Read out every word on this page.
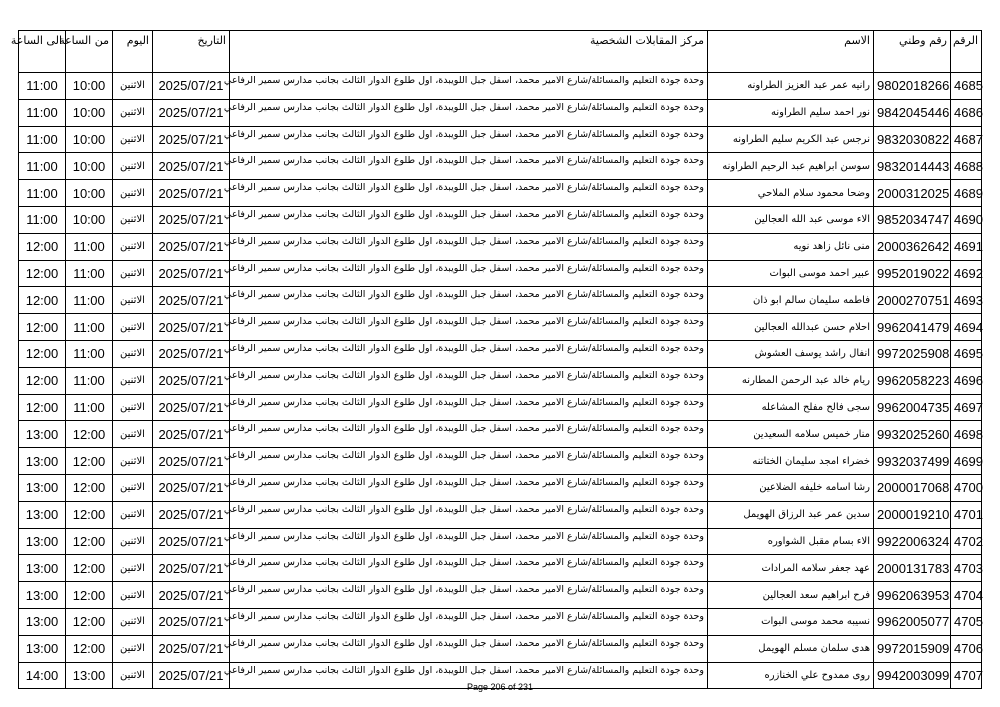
الرقم	رقم وطني	الاسم	مركز المقابلات الشخصية	التاريخ	اليوم	من الساعة	الى الساعة
4685	9802018266	رانيه عمر عبد العزيز الطراونه	وحدة جودة التعليم والمسائلة/شارع الامير محمد، اسفل جبل اللويبدة، اول طلوع الدوار الثالث بجانب مدارس سمير الرفاعي	2025/07/21	الاثنين	10:00	11:00
4686	9842045446	نور احمد سليم الطراونه	وحدة جودة التعليم والمسائلة/شارع الامير محمد، اسفل جبل اللويبدة، اول طلوع الدوار الثالث بجانب مدارس سمير الرفاعي	2025/07/21	الاثنين	10:00	11:00
4687	9832030822	نرجس عبد الكريم سليم الطراونه	وحدة جودة التعليم والمسائلة/شارع الامير محمد، اسفل جبل اللويبدة، اول طلوع الدوار الثالث بجانب مدارس سمير الرفاعي	2025/07/21	الاثنين	10:00	11:00
4688	9832014443	سوسن ابراهيم عبد الرحيم الطراونه	وحدة جودة التعليم والمسائلة/شارع الامير محمد، اسفل جبل اللويبدة، اول طلوع الدوار الثالث بجانب مدارس سمير الرفاعي	2025/07/21	الاثنين	10:00	11:00
4689	2000312025	وضحا محمود سلام الملاحي	وحدة جودة التعليم والمسائلة/شارع الامير محمد، اسفل جبل اللويبدة، اول طلوع الدوار الثالث بجانب مدارس سمير الرفاعي	2025/07/21	الاثنين	10:00	11:00
4690	9852034747	الاء موسى عبد الله العجالين	وحدة جودة التعليم والمسائلة/شارع الامير محمد، اسفل جبل اللويبدة، اول طلوع الدوار الثالث بجانب مدارس سمير الرفاعي	2025/07/21	الاثنين	10:00	11:00
4691	2000362642	منى نائل زاهد نويه	وحدة جودة التعليم والمسائلة/شارع الامير محمد، اسفل جبل اللويبدة، اول طلوع الدوار الثالث بجانب مدارس سمير الرفاعي	2025/07/21	الاثنين	11:00	12:00
4692	9952019022	عبير احمد موسى البوات	وحدة جودة التعليم والمسائلة/شارع الامير محمد، اسفل جبل اللويبدة، اول طلوع الدوار الثالث بجانب مدارس سمير الرفاعي	2025/07/21	الاثنين	11:00	12:00
4693	2000270751	فاطمه سليمان سالم ابو ذان	وحدة جودة التعليم والمسائلة/شارع الامير محمد، اسفل جبل اللويبدة، اول طلوع الدوار الثالث بجانب مدارس سمير الرفاعي	2025/07/21	الاثنين	11:00	12:00
4694	9962041479	احلام حسن عبدالله العجالين	وحدة جودة التعليم والمسائلة/شارع الامير محمد، اسفل جبل اللويبدة، اول طلوع الدوار الثالث بجانب مدارس سمير الرفاعي	2025/07/21	الاثنين	11:00	12:00
4695	9972025908	انفال راشد يوسف العشوش	وحدة جودة التعليم والمسائلة/شارع الامير محمد، اسفل جبل اللويبدة، اول طلوع الدوار الثالث بجانب مدارس سمير الرفاعي	2025/07/21	الاثنين	11:00	12:00
4696	9962058223	ريام خالد عبد الرحمن المطارنه	وحدة جودة التعليم والمسائلة/شارع الامير محمد، اسفل جبل اللويبدة، اول طلوع الدوار الثالث بجانب مدارس سمير الرفاعي	2025/07/21	الاثنين	11:00	12:00
4697	9962004735	سجى فالح مفلح المشاعله	وحدة جودة التعليم والمسائلة/شارع الامير محمد، اسفل جبل اللويبدة، اول طلوع الدوار الثالث بجانب مدارس سمير الرفاعي	2025/07/21	الاثنين	11:00	12:00
4698	9932025260	منار خميس سلامه السعيدين	وحدة جودة التعليم والمسائلة/شارع الامير محمد، اسفل جبل اللويبدة، اول طلوع الدوار الثالث بجانب مدارس سمير الرفاعي	2025/07/21	الاثنين	12:00	13:00
4699	9932037499	خضراء امجد سليمان الختاتنه	وحدة جودة التعليم والمسائلة/شارع الامير محمد، اسفل جبل اللويبدة، اول طلوع الدوار الثالث بجانب مدارس سمير الرفاعي	2025/07/21	الاثنين	12:00	13:00
4700	2000017068	رشا اسامه خليفه الضلاعين	وحدة جودة التعليم والمسائلة/شارع الامير محمد، اسفل جبل اللويبدة، اول طلوع الدوار الثالث بجانب مدارس سمير الرفاعي	2025/07/21	الاثنين	12:00	13:00
4701	2000019210	سدين عمر عبد الرزاق الهويمل	وحدة جودة التعليم والمسائلة/شارع الامير محمد، اسفل جبل اللويبدة، اول طلوع الدوار الثالث بجانب مدارس سمير الرفاعي	2025/07/21	الاثنين	12:00	13:00
4702	9922006324	الاء بسام مقبل الشواوره	وحدة جودة التعليم والمسائلة/شارع الامير محمد، اسفل جبل اللويبدة، اول طلوع الدوار الثالث بجانب مدارس سمير الرفاعي	2025/07/21	الاثنين	12:00	13:00
4703	2000131783	عهد جعفر سلامه المرادات	وحدة جودة التعليم والمسائلة/شارع الامير محمد، اسفل جبل اللويبدة، اول طلوع الدوار الثالث بجانب مدارس سمير الرفاعي	2025/07/21	الاثنين	12:00	13:00
4704	9962063953	فرح ابراهيم سعد العجالين	وحدة جودة التعليم والمسائلة/شارع الامير محمد، اسفل جبل اللويبدة، اول طلوع الدوار الثالث بجانب مدارس سمير الرفاعي	2025/07/21	الاثنين	12:00	13:00
4705	9962005077	نسيبه محمد موسى البوات	وحدة جودة التعليم والمسائلة/شارع الامير محمد، اسفل جبل اللويبدة، اول طلوع الدوار الثالث بجانب مدارس سمير الرفاعي	2025/07/21	الاثنين	12:00	13:00
4706	9972015909	هدى سلمان مسلم الهويمل	وحدة جودة التعليم والمسائلة/شارع الامير محمد، اسفل جبل اللويبدة، اول طلوع الدوار الثالث بجانب مدارس سمير الرفاعي	2025/07/21	الاثنين	12:00	13:00
4707	9942003099	روى ممدوح علي الخنازره	وحدة جودة التعليم والمسائلة/شارع الامير محمد، اسفل جبل اللويبدة، اول طلوع الدوار الثالث بجانب مدارس سمير الرفاعي	2025/07/21	الاثنين	13:00	14:00
Page 206 of 231
